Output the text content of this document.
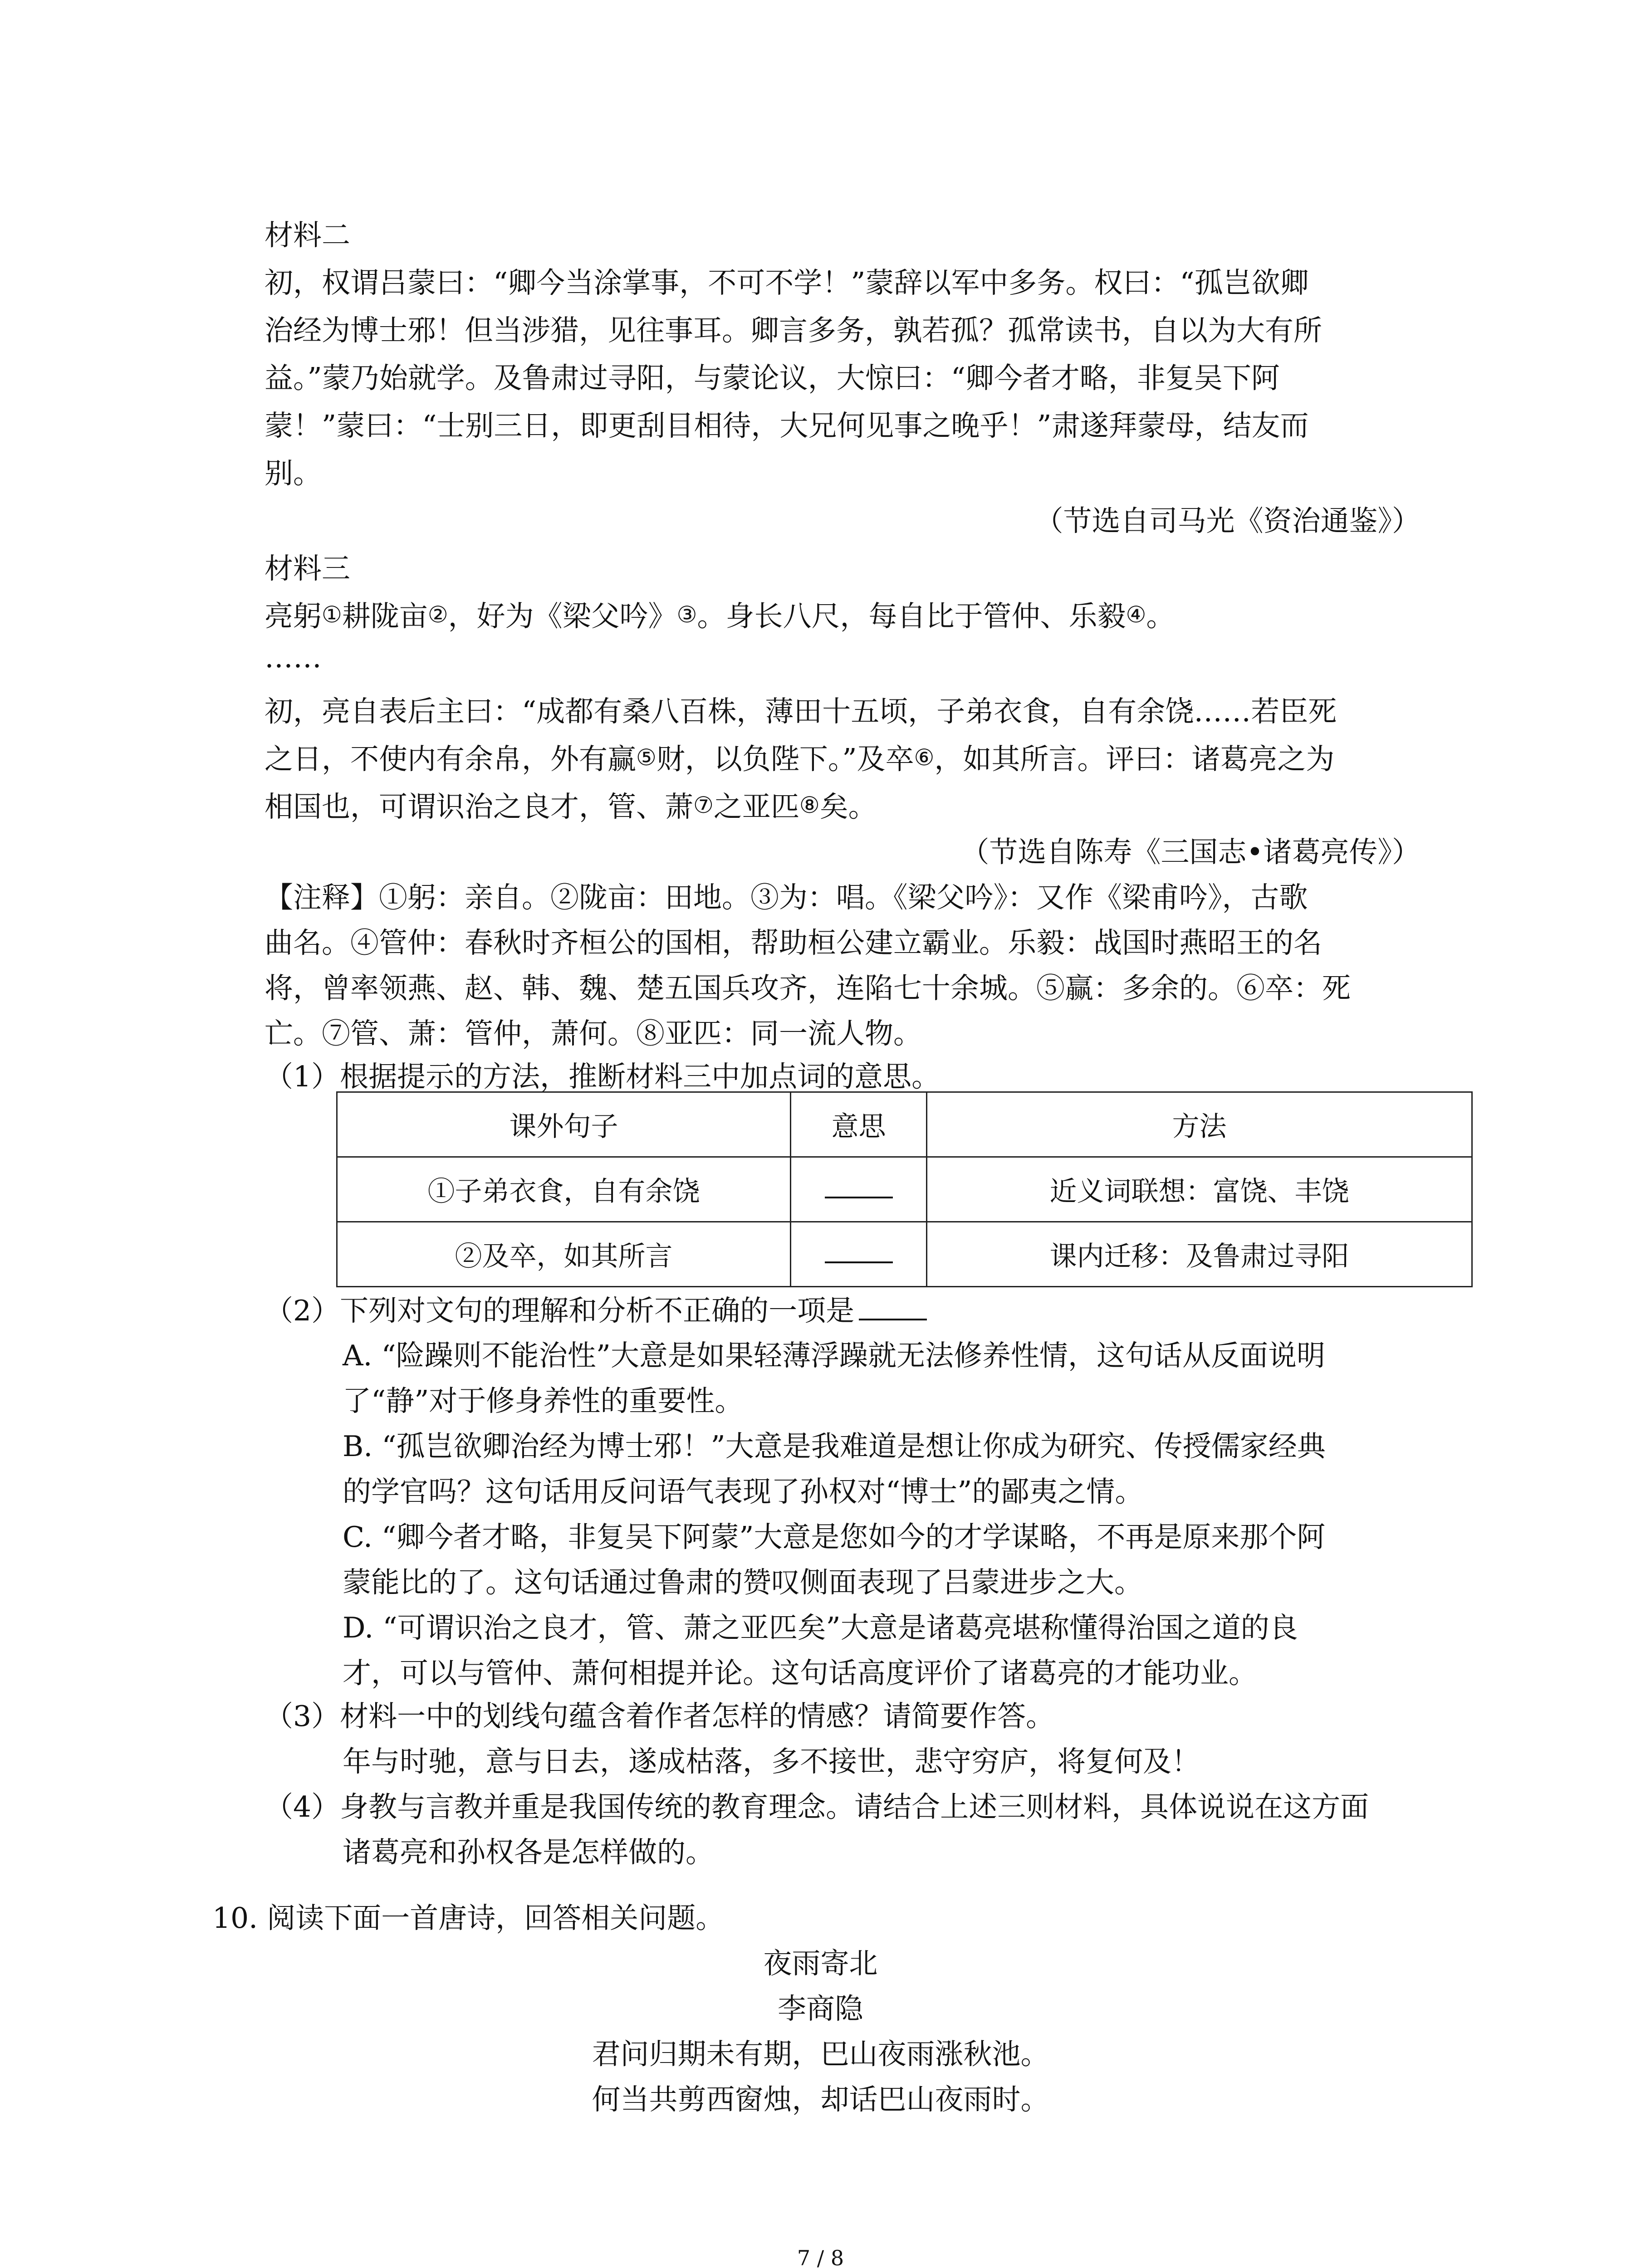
材料二
初，权谓吕蒙曰：“卿今当涂掌事，不可不学！”蒙辞以军中多务。权曰：“孤岂欲卿
治经为博士邪！但当涉猎，见往事耳。卿言多务，孰若孤？孤常读书，自以为大有所
益。”蒙乃始就学。及鲁肃过寻阳，与蒙论议，大惊曰：“卿今者才略，非复吴下阿
蒙！”蒙曰：“士别三日，即更刮目相待，大兄何见事之晚乎！”肃遂拜蒙母，结友而
别。
（节选自司马光《资治通鉴》）
材料三
亮躬①耕陇亩②，好为《梁父吟》③。身长八尺，每自比于管仲、乐毅④。
……
初，亮自表后主曰：“成都有桑八百株，薄田十五顷，子弟衣食，自有余饶……若臣死
之日，不使内有余帛，外有赢⑤财，以负陛下。”及卒⑥，如其所言。评曰：诸葛亮之为
相国也，可谓识治之良才，管、萧⑦之亚匹⑧矣。
（节选自陈寿《三国志•诸葛亮传》）
【注释】①躬：亲自。②陇亩：田地。③为：唱。《梁父吟》：又作《梁甫吟》，古歌
曲名。④管仲：春秋时齐桓公的国相，帮助桓公建立霸业。乐毅：战国时燕昭王的名
将，曾率领燕、赵、韩、魏、楚五国兵攻齐，连陷七十余城。⑤赢：多余的。⑥卒：死
亡。⑦管、萧：管仲，萧何。⑧亚匹：同一流人物。
（1）根据提示的方法，推断材料三中加点词的意思。
课外句子	意思	方法
①子弟衣食，自有余饶		近义词联想：富饶、丰饶
②及卒，如其所言		课内迁移：及鲁肃过寻阳
（2）下列对文句的理解和分析不正确的一项是
A. “险躁则不能治性”大意是如果轻薄浮躁就无法修养性情，这句话从反面说明
了“静”对于修身养性的重要性。
B. “孤岂欲卿治经为博士邪！”大意是我难道是想让你成为研究、传授儒家经典
的学官吗？这句话用反问语气表现了孙权对“博士”的鄙夷之情。
C. “卿今者才略，非复吴下阿蒙”大意是您如今的才学谋略，不再是原来那个阿
蒙能比的了。这句话通过鲁肃的赞叹侧面表现了吕蒙进步之大。
D. “可谓识治之良才，管、萧之亚匹矣”大意是诸葛亮堪称懂得治国之道的良
才，可以与管仲、萧何相提并论。这句话高度评价了诸葛亮的才能功业。
（3）材料一中的划线句蕴含着作者怎样的情感？请简要作答。
年与时驰，意与日去，遂成枯落，多不接世，悲守穷庐，将复何及！
（4）身教与言教并重是我国传统的教育理念。请结合上述三则材料，具体说说在这方面
诸葛亮和孙权各是怎样做的。
10. 阅读下面一首唐诗，回答相关问题。
夜雨寄北
李商隐
君问归期未有期，巴山夜雨涨秋池。
何当共剪西窗烛，却话巴山夜雨时。
7 / 8
